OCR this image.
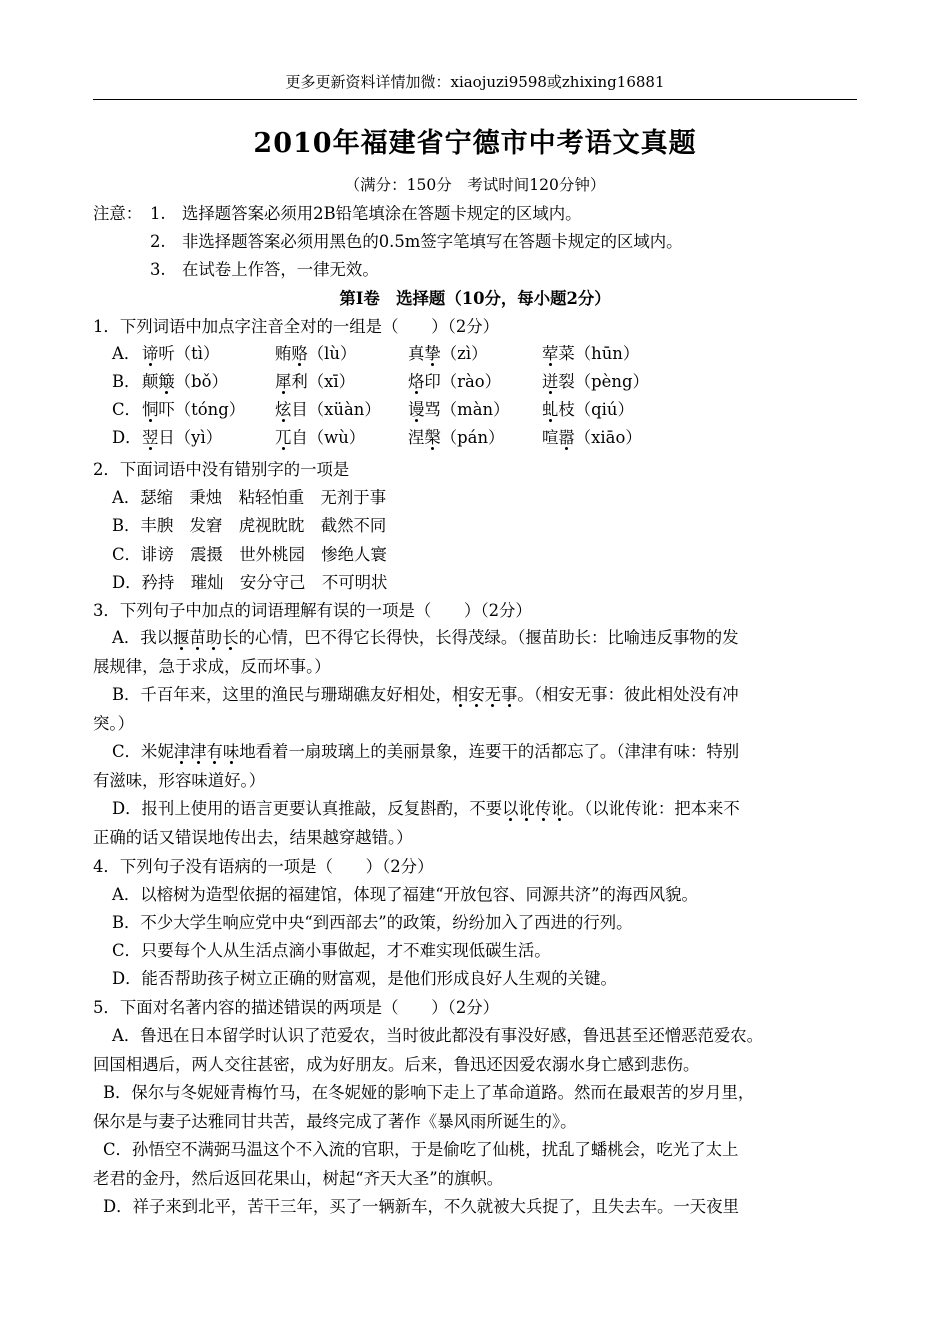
更多更新资料详情加微：xiaojuzi9598或zhixing16881
2010年福建省宁德市中考语文真题
（满分：150分　考试时间120分钟）
注意： 1.　选择题答案必须用2B铅笔填涂在答题卡规定的区域内。
2.　非选择题答案必须用黑色的0.5m签字笔填写在答题卡规定的区域内。
3.　在试卷上作答，一律无效。
第Ⅰ卷　选择题（10分，每小题2分）
1．下列词语中加点字注音全对的一组是（　　）（2分）
A． 谛听（tì）	贿赂（lù）	真挚（zì）	荤菜（hūn）
B． 颠簸（bǒ）	犀利（xī）	烙印（rào） 迸裂（pèng）
C． 恫吓（tóng） 炫目（xüàn） 谩骂（màn） 虬枝（qiú）
D． 翌日（yì）	兀自（wù）	涅槃（pán） 喧嚣（xiāo）
2．下面词语中没有错别字的一项是
A．瑟缩　秉烛　粘轻怕重　无剂于事
B．丰腴　发窘　虎视眈眈　截然不同
C．诽谤　震摄　世外桃园　惨绝人寰
D．矜持　璀灿　安分守己　不可明状
3．下列句子中加点的词语理解有误的一项是（　　）（2分）
A．我以揠苗助长的心情，巴不得它长得快，长得茂绿。（揠苗助长：比喻违反事物的发
展规律，急于求成，反而坏事。）
B．千百年来，这里的渔民与珊瑚礁友好相处，相安无事。（相安无事：彼此相处没有冲
突。）
C．米妮津津有味地看着一扇玻璃上的美丽景象，连要干的活都忘了。（津津有味：特别
有滋味，形容味道好。）
D．报刊上使用的语言更要认真推敲，反复斟酌，不要以讹传讹。（以讹传讹：把本来不
正确的话又错误地传出去，结果越穿越错。）
4．下列句子没有语病的一项是（　　）（2分）
A．以榕树为造型依据的福建馆，体现了福建“开放包容、同源共济”的海西风貌。
B．不少大学生响应党中央“到西部去”的政策，纷纷加入了西进的行列。
C．只要每个人从生活点滴小事做起，才不难实现低碳生活。
D．能否帮助孩子树立正确的财富观，是他们形成良好人生观的关键。
5．下面对名著内容的描述错误的两项是（　　）（2分）
A．鲁迅在日本留学时认识了范爱农，当时彼此都没有事没好感，鲁迅甚至还憎恶范爱农。
回国相遇后，两人交往甚密，成为好朋友。后来，鲁迅还因爱农溺水身亡感到悲伤。
B．保尔与冬妮娅青梅竹马，在冬妮娅的影响下走上了革命道路。然而在最艰苦的岁月里，
保尔是与妻子达雅同甘共苦，最终完成了著作《暴风雨所诞生的》。
C．孙悟空不满弼马温这个不入流的官职，于是偷吃了仙桃，扰乱了蟠桃会，吃光了太上
老君的金丹，然后返回花果山，树起“齐天大圣”的旗帜。
D．祥子来到北平，苦干三年，买了一辆新车，不久就被大兵捉了，且失去车。一天夜里
